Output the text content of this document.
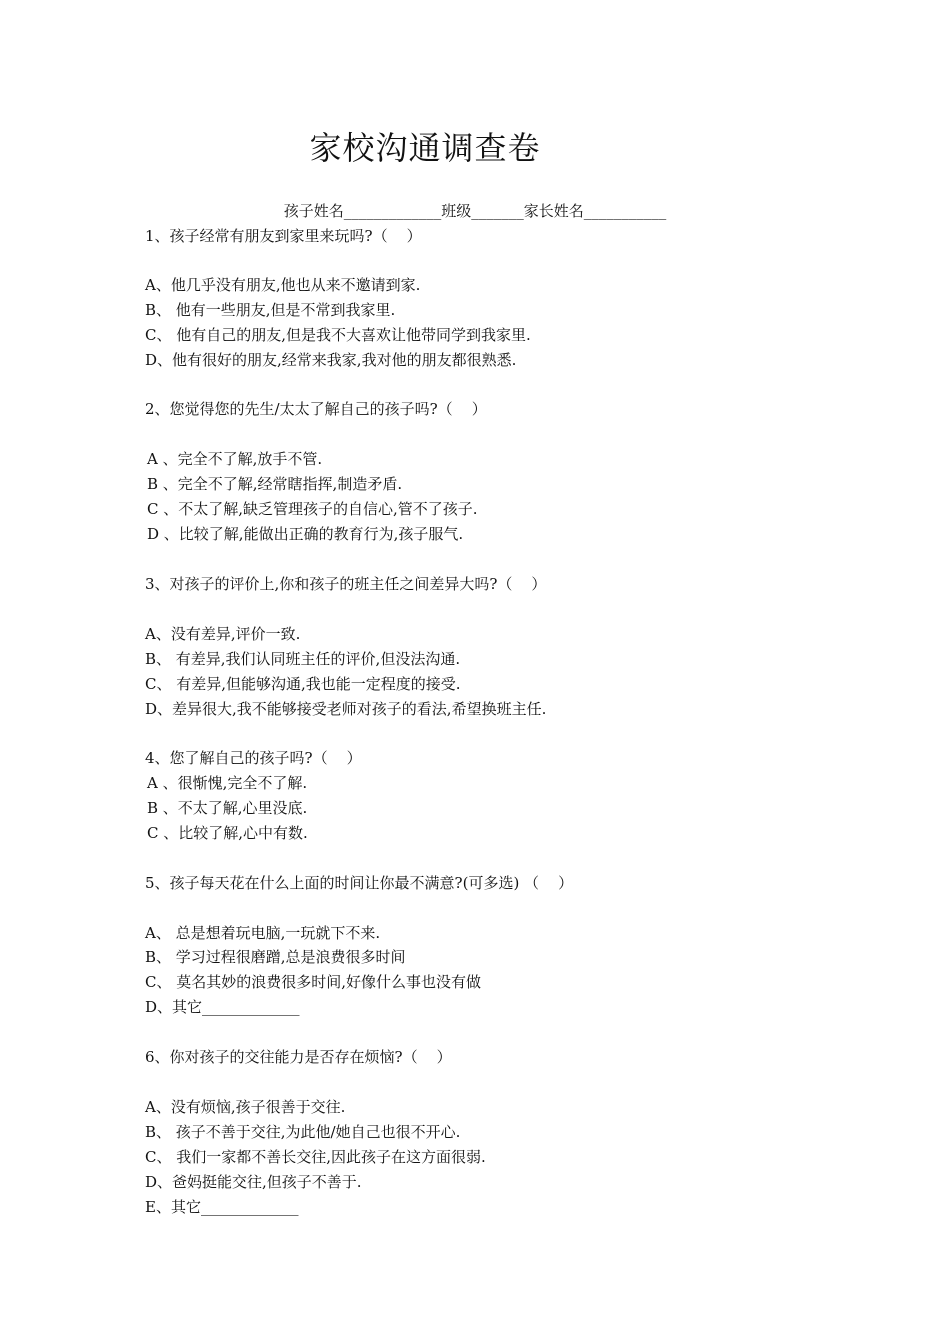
家校沟通调查卷
孩子姓名_____________班级_______家长姓名___________
1、孩子经常有朋友到家里来玩吗?（    ）
A、他几乎没有朋友,他也从来不邀请到家.
B、 他有一些朋友,但是不常到我家里.
C、 他有自己的朋友,但是我不大喜欢让他带同学到我家里.
D、他有很好的朋友,经常来我家,我对他的朋友都很熟悉.
2、您觉得您的先生/太太了解自己的孩子吗?（    ）
A 、完全不了解,放手不管.
B 、完全不了解,经常瞎指挥,制造矛盾.
C 、不太了解,缺乏管理孩子的自信心,管不了孩子.
D 、比较了解,能做出正确的教育行为,孩子服气.
3、对孩子的评价上,你和孩子的班主任之间差异大吗?（    ）
A、没有差异,评价一致.
B、 有差异,我们认同班主任的评价,但没法沟通.
C、 有差异,但能够沟通,我也能一定程度的接受.
D、差异很大,我不能够接受老师对孩子的看法,希望换班主任.
4、您了解自己的孩子吗?（    ）
A 、很惭愧,完全不了解.
B 、不太了解,心里没底.
C 、比较了解,心中有数.
5、孩子每天花在什么上面的时间让你最不满意?(可多选) （    ）
A、 总是想着玩电脑,一玩就下不来.
B、 学习过程很磨蹭,总是浪费很多时间
C、 莫名其妙的浪费很多时间,好像什么事也没有做
D、其它_____________
6、你对孩子的交往能力是否存在烦恼?（    ）
A、没有烦恼,孩子很善于交往.
B、 孩子不善于交往,为此他/她自己也很不开心.
C、 我们一家都不善长交往,因此孩子在这方面很弱.
D、爸妈挺能交往,但孩子不善于.
E、其它_____________
